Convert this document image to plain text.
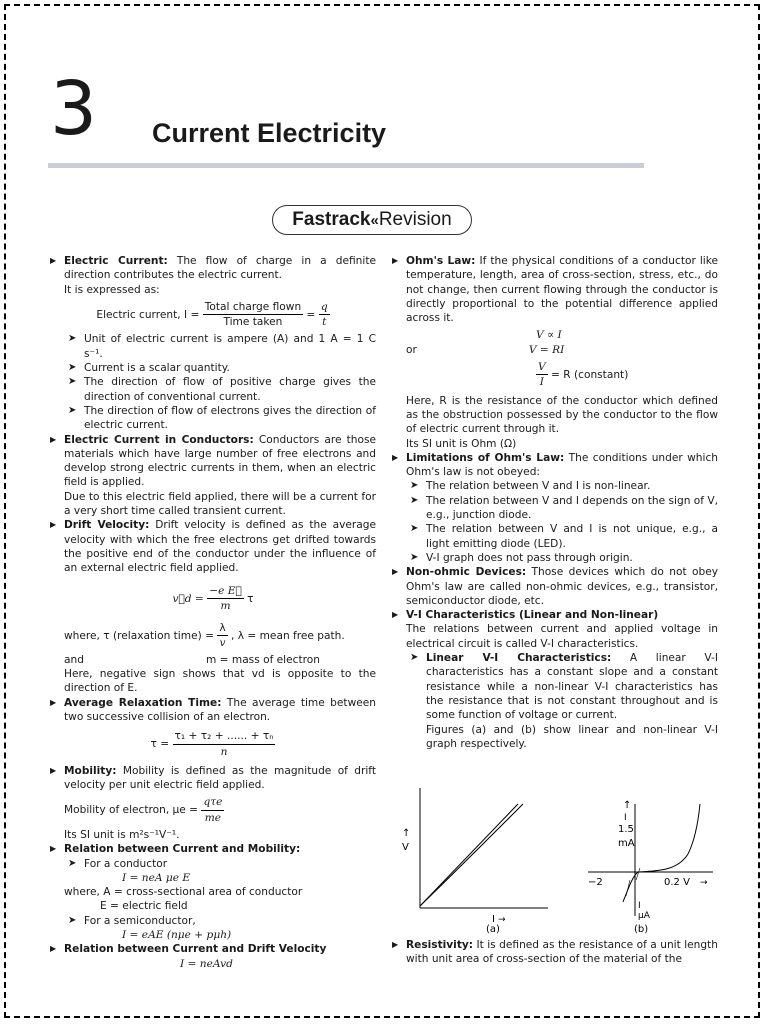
3 Current Electricity
Fastrack « Revision

▶ Electric Current: The flow of charge in a definite direction contributes the electric current.

It is expressed as:

Electric current, $I = \frac{\text{Total charge flown}}{\text{Time taken}} = \frac{q}{t}$

➤ Unit of electric current is ampere (A) and 1 A = 1 C s⁻¹.

➤ Current is a scalar quantity.

➤ The direction of flow of positive charge gives the direction of conventional current.

➤ The direction of flow of electrons gives the direction of electric current.

▶ Electric Current in Conductors: Conductors are those materials which have large number of free electrons and develop strong electric currents in them, when an electric field is applied.

Due to this electric field applied, there will be a current for a very short time called transient current.

▶ Drift Velocity: Drift velocity is defined as the average velocity with which the free electrons get drifted towards the positive end of the conductor under the influence of an external electric field applied.

v⃗d = $\frac{\text{−e E⃗}}{m}$ τ

where, τ (relaxation time) = $\frac{\lambda}{v}$ , λ = mean free path.

and	m = mass of electron

Here, negative sign shows that vd is opposite to the direction of E.

▶ Average Relaxation Time: The average time between two successive collision of an electron.

$\tau = \frac{\text{τ₁ + τ₂ + ...... + τₙ}}{n}$

▶ Mobility: Mobility is defined as the magnitude of drift velocity per unit electric field applied.

Mobility of electron, $\mu e = \frac{\text{qτe}}{me}$

Its SI unit is m²s⁻¹V⁻¹.

▶ Relation between Current and Mobility:

➤ For a conductor

I = neA μe E

where, A = cross-sectional area of conductor

E = electric field

➤ For a semiconductor,

I = eAE (nμe + pμh)

▶ Relation between Current and Drift Velocity

I = neAvd

▶ Ohm's Law: If the physical conditions of a conductor like temperature, length, area of cross-section, stress, etc., do not change, then current flowing through the conductor is directly proportional to the potential difference applied across it.

V ∝ I

or	V = RI

$\frac{V}{I} = R$ (constant)

Here, R is the resistance of the conductor which defined as the obstruction possessed by the conductor to the flow of electric current through it.

Its SI unit is Ohm (Ω)

▶ Limitations of Ohm's Law: The conditions under which Ohm's law is not obeyed:

➤ The relation between V and I is non-linear.

➤ The relation between V and I depends on the sign of V, e.g., junction diode.

➤ The relation between V and I is not unique, e.g., a light emitting diode (LED).

➤ V-I graph does not pass through origin.

▶ Non-ohmic Devices: Those devices which do not obey Ohm's law are called non-ohmic devices, e.g., transistor, semiconductor diode, etc.

▶ V-I Characteristics (Linear and Non-linear)

The relations between current and applied voltage in electrical circuit is called V-I characteristics.

➤ Linear V-I Characteristics: A linear V-I characteristics has a constant slope and a constant resistance while a non-linear V-I characteristics has the resistance that is not constant throughout and is some function of voltage or current.

Figures (a) and (b) show linear and non-linear V-I graph respectively.

↑
V
I →
(a)
↑
I
1.5
mA
−2	0.2 V →
I
μA
(b)

▶ Resistivity: It is defined as the resistance of a unit length with unit area of cross-section of the material of the
